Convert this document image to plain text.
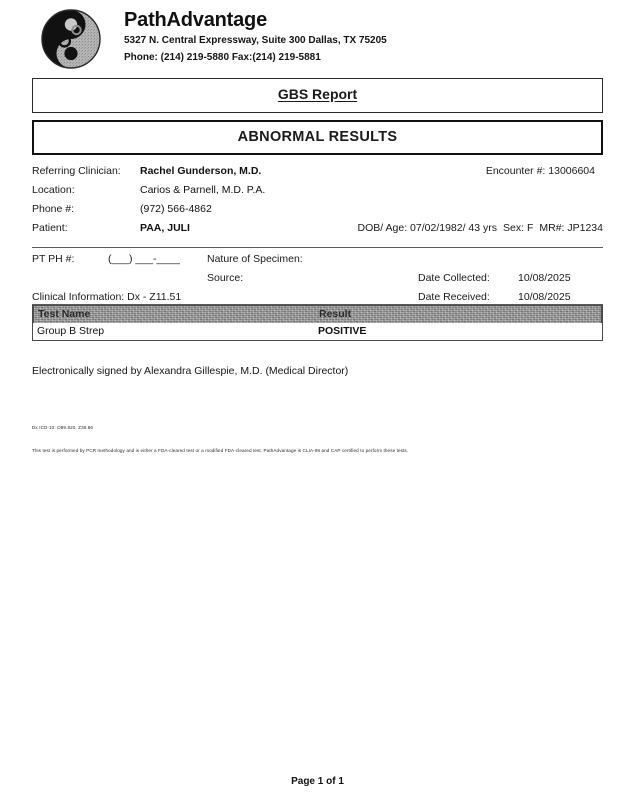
PathAdvantage
5327 N. Central Expressway, Suite 300 Dallas, TX 75205
Phone: (214) 219-5880 Fax:(214) 219-5881
GBS Report
ABNORMAL RESULTS
Referring Clinician:	Rachel Gunderson, M.D.
Location:	Carios & Parnell, M.D. P.A.
Phone #:	(972) 566-4862
Patient:	PAA, JULI
Encounter #: 13006604
DOB/ Age: 07/02/1982/ 43 yrs Sex: F MR#: JP1234
PT PH #:	(___) ___-____	Nature of Specimen:
Source:
Clinical Information: Dx - Z11.51
Date Collected:	10/08/2025
Date Received:	10/08/2025
Test Name	Result
Group B Strep	POSITIVE
Electronically signed by Alexandra Gillespie, M.D. (Medical Director)
Dx ICD-10: O99.820, Z36.86
This test is performed by PCR methodology and is either a FDA-cleared test or a modified FDA-cleared test. PathAdvantage is CLIA-88 and CAP certified to perform these tests.
Page 1 of 1
